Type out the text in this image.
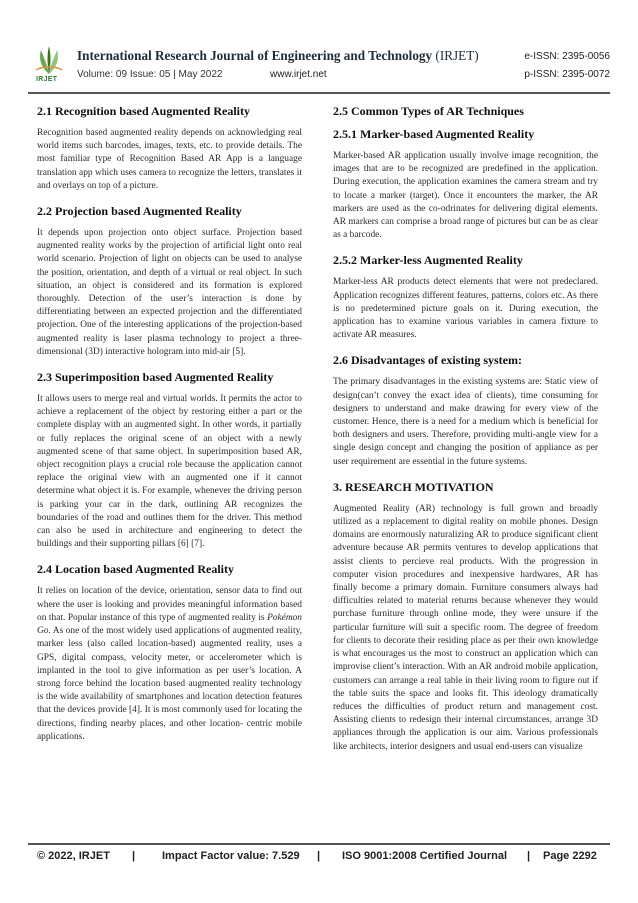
IRJET
International Research Journal of Engineering and Technology (IRJET)	e-ISSN: 2395-0056
Volume: 09 Issue: 05 | May 2022	www.irjet.net	p-ISSN: 2395-0072
2.1 Recognition based Augmented Reality

Recognition based augmented reality depends on acknowledging real world items such barcodes, images, texts, etc. to provide details. The most familiar type of Recognition Based AR App is a language translation app which uses camera to recognize the letters, translates it and overlays on top of a picture.

2.2 Projection based Augmented Reality

It depends upon projection onto object surface. Projection based augmented reality works by the projection of artificial light onto real world scenario. Projection of light on objects can be used to analyse the position, orientation, and depth of a virtual or real object. In such situation, an object is considered and its formation is explored thoroughly. Detection of the user’s interaction is done by differentiating between an expected projection and the differentiated projection. One of the interesting applications of the projection-based augmented reality is laser plasma technology to project a three-dimensional (3D) interactive hologram into mid-air [5].

2.3 Superimposition based Augmented Reality

It allows users to merge real and virtual worlds. It permits the actor to achieve a replacement of the object by restoring either a part or the complete display with an augmented sight. In other words, it partially or fully replaces the original scene of an object with a newly augmented scene of that same object. In superimposition based AR, object recognition plays a crucial role because the application cannot replace the original view with an augmented one if it cannot determine what object it is. For example, whenever the driving person is parking your car in the dark, outlining AR recognizes the boundaries of the road and outlines them for the driver. This method can also be used in architecture and engineering to detect the buildings and their supporting pillars [6] [7].

2.4 Location based Augmented Reality

It relies on location of the device, orientation, sensor data to find out where the user is looking and provides meaningful information based on that. Popular instance of this type of augmented reality is Pokémon Go. As one of the most widely used applications of augmented reality, marker less (also called location-based) augmented reality, uses a GPS, digital compass, velocity meter, or accelerometer which is implanted in the tool to give information as per user’s location. A strong force behind the location based augmented reality technology is the wide availability of smartphones and location detection features that the devices provide [4]. It is most commonly used for locating the directions, finding nearby places, and other location- centric mobile applications.

2.5 Common Types of AR Techniques
2.5.1 Marker-based Augmented Reality

Marker-based AR application usually involve image recognition, the images that are to be recognized are predefined in the application. During execution, the application examines the camera stream and try to locate a marker (target). Once it encounters the marker, the AR markers are used as the co-odrinates for delivering digital elements. AR markers can comprise a broad range of pictures but can be as clear as a barcode.

2.5.2 Marker-less Augmented Reality

Marker-less AR products detect elements that were not predeclared. Application recognizes different features, patterns, colors etc. As there is no predetermined picture goals on it. During execution, the application has to examine various variables in camera fixture to activate AR measures.

2.6 Disadvantages of existing system:

The primary disadvantages in the existing systems are: Static view of design(can’t convey the exact idea of clients), time consuming for designers to understand and make drawing for every view of the customer. Hence, there is a need for a medium which is beneficial for both designers and users. Therefore, providing multi-angle view for a single design concept and changing the position of appliance as per user requirement are essential in the future systems.

3. RESEARCH MOTIVATION

Augmented Reality (AR) technology is full grown and broadly utilized as a replacement to digital reality on mobile phones. Design domains are enormously naturalizing AR to produce significant client adventure because AR permits ventures to develop applications that assist clients to percieve real products. With the progression in computer vision procedures and inexpensive hardwares, AR has finally become a primary domain. Furniture consumers always had difficulties related to material returns because whenever they would purchase furniture through online mode, they were unsure if the particular furniture will suit a specific room. The degree of freedom for clients to decorate their residing place as per their own knowledge is what encourages us the most to construct an application which can improvise client’s interaction. With an AR android mobile application, customers can arrange a real table in their living room to figure out if the table suits the space and looks fit. This ideology dramatically reduces the difficulties of product return and management cost. Assisting clients to redesign their internal circumstances, arrange 3D appliances through the application is our aim. Various professionals like architects, interior designers and usual end-users can visualize

© 2022, IRJET | Impact Factor value: 7.529 | ISO 9001:2008 Certified Journal | Page 2292
